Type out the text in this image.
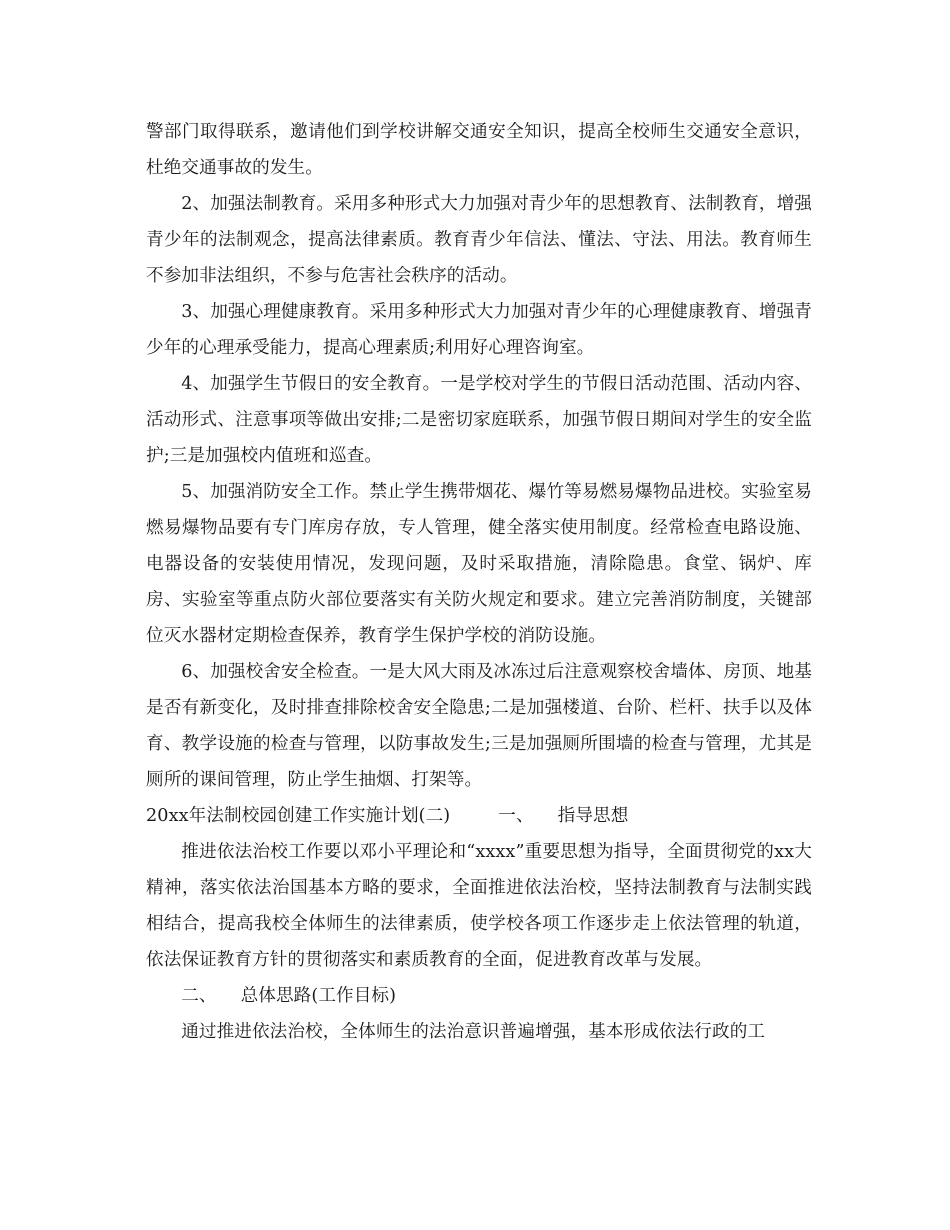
警部门取得联系，邀请他们到学校讲解交通安全知识，提高全校师生交通安全意识，杜绝交通事故的发生。

2、加强法制教育。采用多种形式大力加强对青少年的思想教育、法制教育，增强青少年的法制观念，提高法律素质。教育青少年信法、懂法、守法、用法。教育师生不参加非法组织，不参与危害社会秩序的活动。

3、加强心理健康教育。采用多种形式大力加强对青少年的心理健康教育、增强青少年的心理承受能力，提高心理素质;利用好心理咨询室。

4、加强学生节假日的安全教育。一是学校对学生的节假日活动范围、活动内容、活动形式、注意事项等做出安排;二是密切家庭联系，加强节假日期间对学生的安全监护;三是加强校内值班和巡查。

5、加强消防安全工作。禁止学生携带烟花、爆竹等易燃易爆物品进校。实验室易燃易爆物品要有专门库房存放，专人管理，健全落实使用制度。经常检查电路设施、电器设备的安装使用情况，发现问题，及时采取措施，清除隐患。食堂、锅炉、库房、实验室等重点防火部位要落实有关防火规定和要求。建立完善消防制度，关键部位灭水器材定期检查保养，教育学生保护学校的消防设施。

6、加强校舍安全检查。一是大风大雨及冰冻过后注意观察校舍墙体、房顶、地基是否有新变化，及时排查排除校舍安全隐患;二是加强楼道、台阶、栏杆、扶手以及体育、教学设施的检查与管理，以防事故发生;三是加强厕所围墙的检查与管理，尤其是厕所的课间管理，防止学生抽烟、打架等。

20xx年法制校园创建工作实施计划(二)	一、 指导思想

推进依法治校工作要以邓小平理论和“xxxx”重要思想为指导，全面贯彻党的xx大精神，落实依法治国基本方略的要求，全面推进依法治校，坚持法制教育与法制实践相结合，提高我校全体师生的法律素质，使学校各项工作逐步走上依法管理的轨道，依法保证教育方针的贯彻落实和素质教育的全面，促进教育改革与发展。

二、 总体思路(工作目标)

通过推进依法治校，全体师生的法治意识普遍增强，基本形成依法行政的工
